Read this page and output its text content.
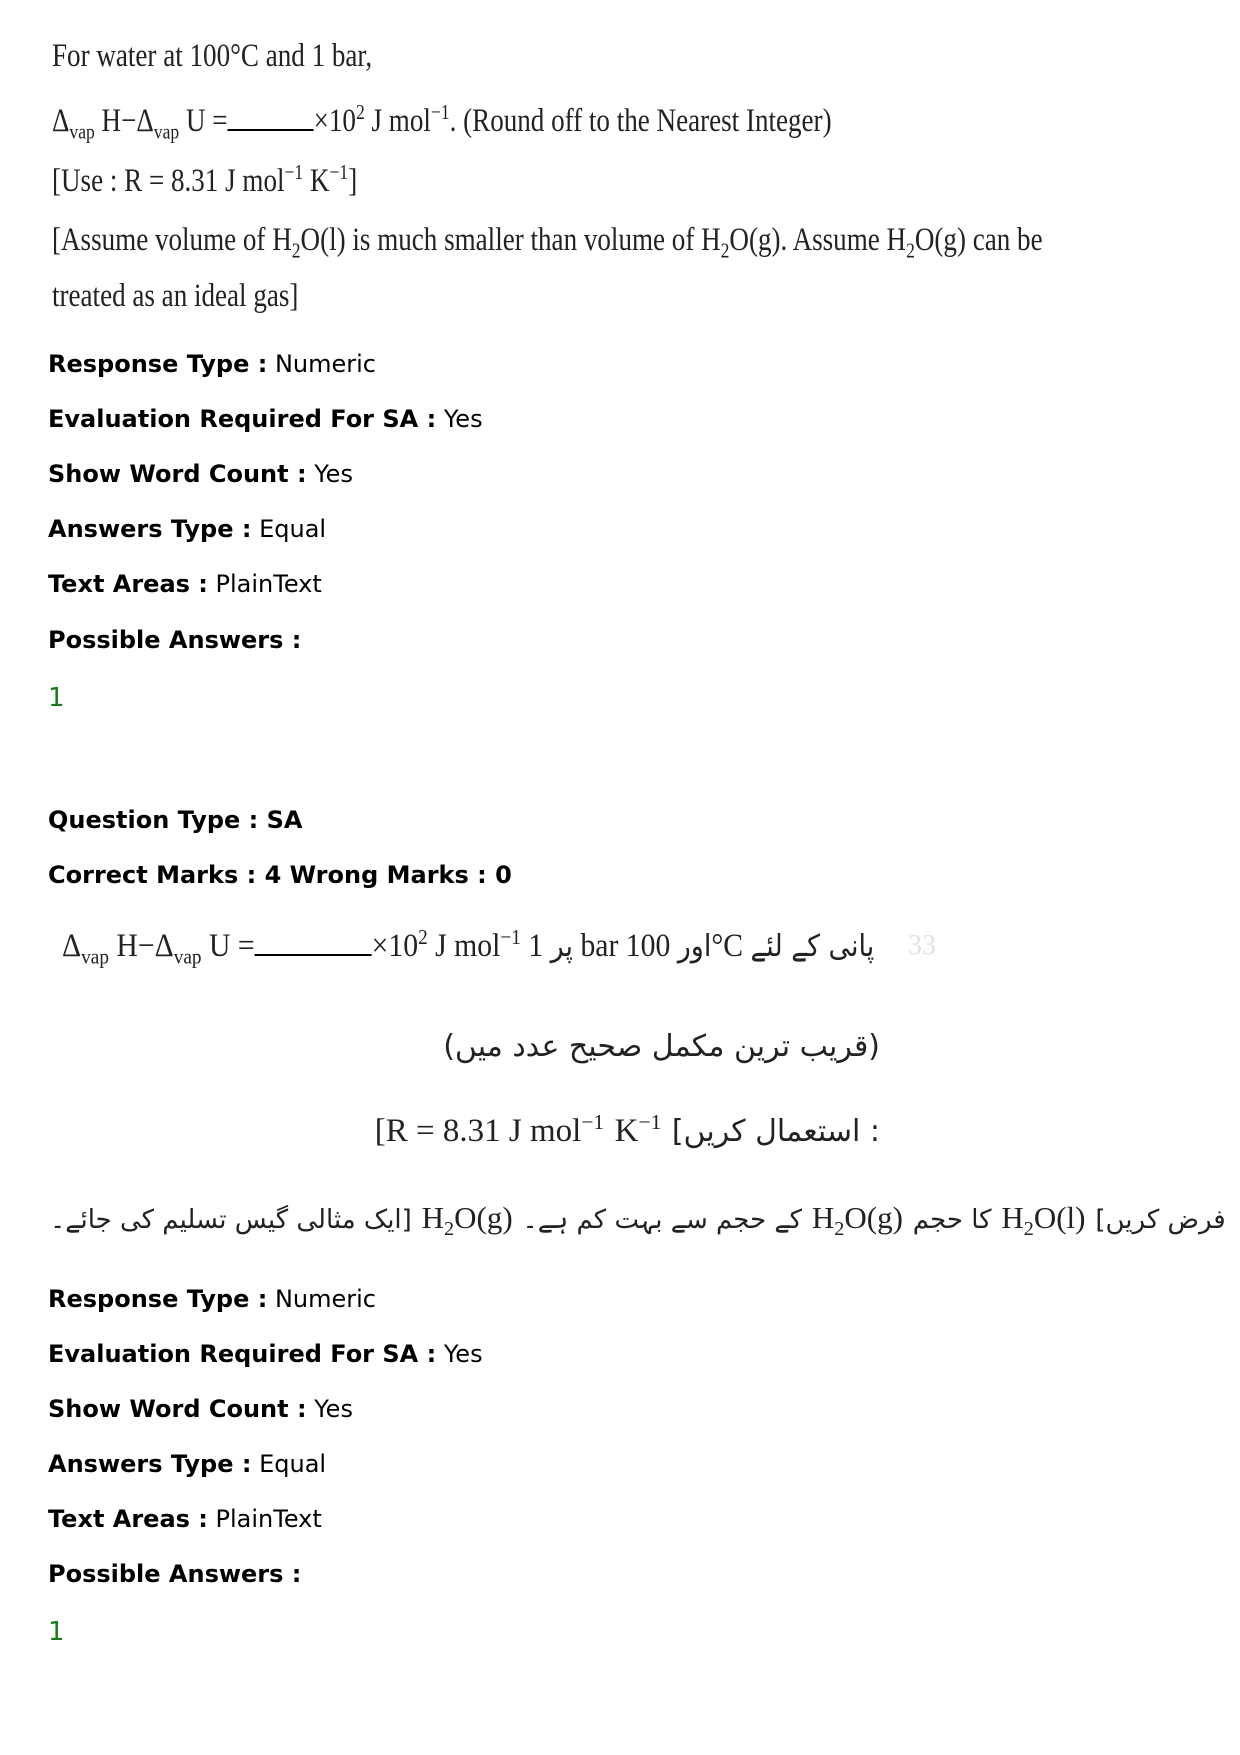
For water at 100°C and 1 bar,
$\Delta_{vap}$ $H-\Delta_{vap}$ U =	$\times 10^2$ J mol$^{-1}$. (Round off to the Nearest Integer)
[Use : R = 8.31 J mol$^{-1}$ $K^{-1}$]
[Assume volume of $H_2O(l)$ is much smaller than volume of $H_2O(g)$. Assume $H_2O(g)$ can be
treated as an ideal gas]
Response Type : Numeric
Evaluation Required For SA : Yes
Show Word Count : Yes
Answers Type : Equal
Text Areas : PlainText
Possible Answers :
1
Question Type : SA
Correct Marks : 4 Wrong Marks : 0
33
$\Delta_{vap}$ $H-\Delta_{vap}$ U =	$\times 10^2$ J mol$^{-1}$ پر 1 bar اور 100°C پانی کے لئے
(قریب ترین مکمل صحیح عدد میں)
[R = 8.31 J mol$^{-1}$ $K^{-1}$ : استعمال کریں]
[ایک مثالی گیس تسلیم کی جائے۔ $H_2O(g)$ کے حجم سے بہت کم ہے۔ $H_2O(g)$ کا حجم $H_2O(l)$ فرض کریں]
Response Type : Numeric
Evaluation Required For SA : Yes
Show Word Count : Yes
Answers Type : Equal
Text Areas : PlainText
Possible Answers :
1
